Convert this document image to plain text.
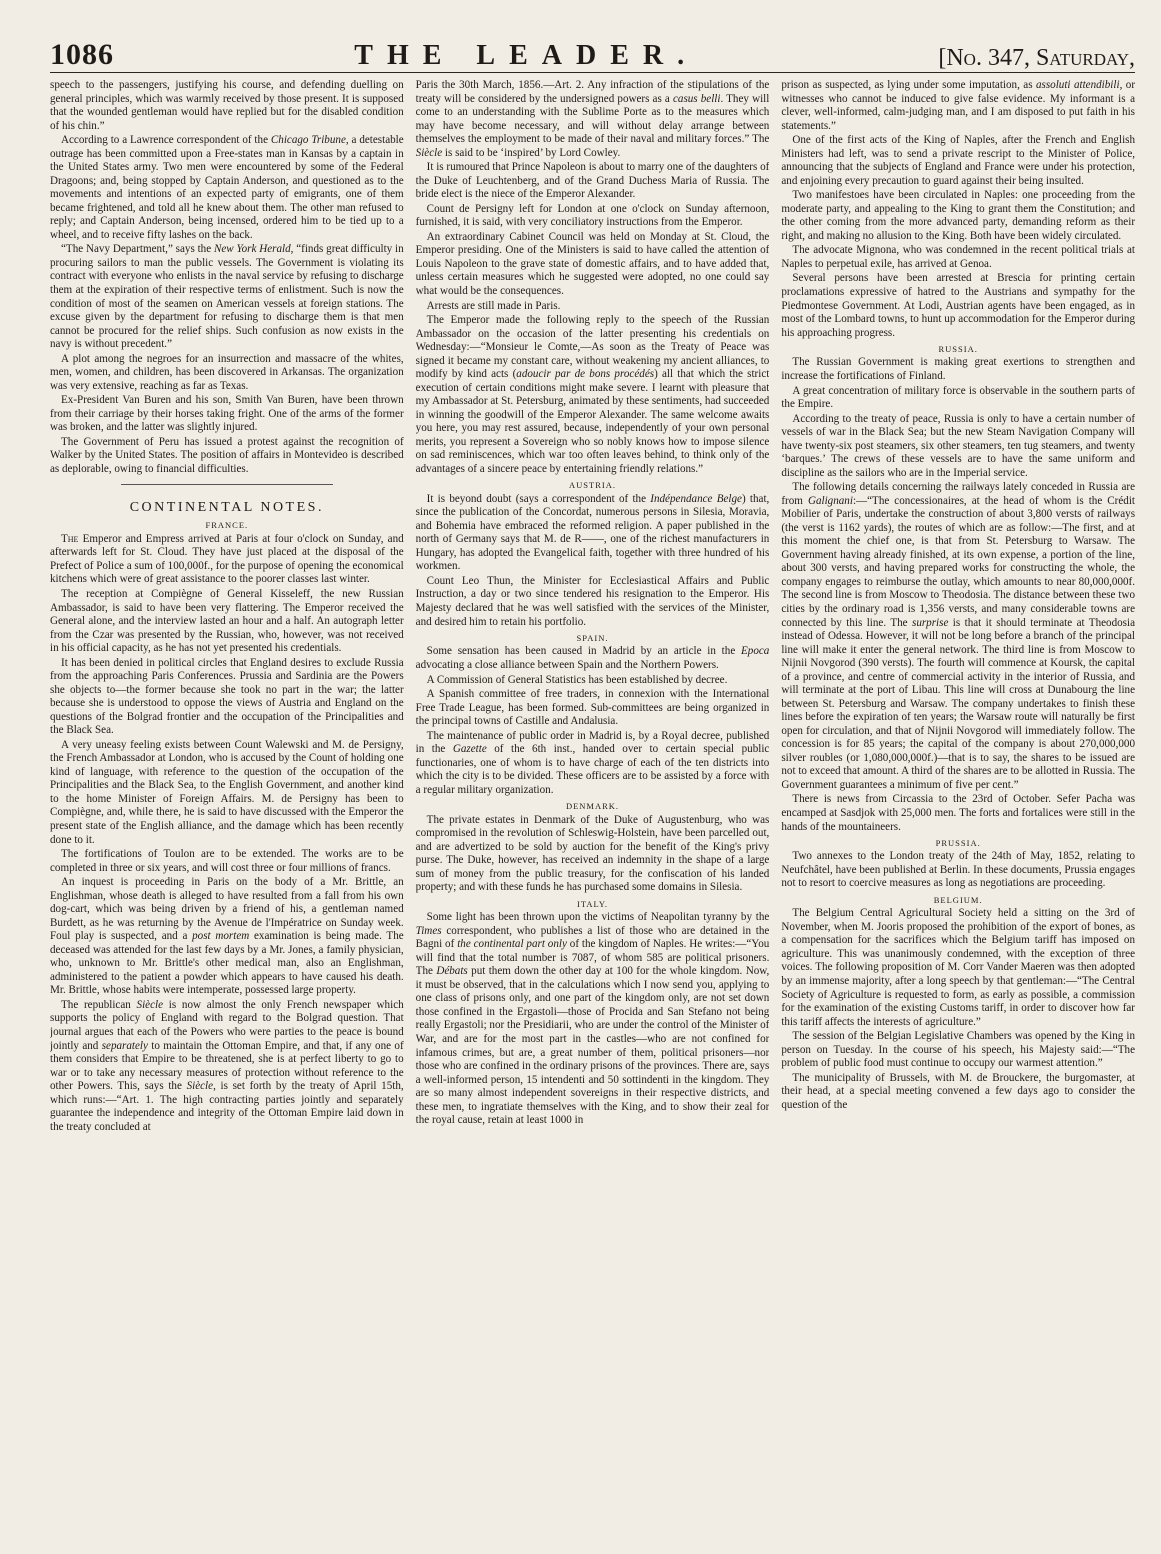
1086	THE LEADER.	[No. 347, Saturday,

speech to the passengers, justifying his course, and defending duelling on general principles, which was warmly received by those present. It is supposed that the wounded gentleman would have replied but for the disabled condition of his chin.”

According to a Lawrence correspondent of the Chicago Tribune, a detestable outrage has been committed upon a Free-states man in Kansas by a captain in the United States army. Two men were encountered by some of the Federal Dragoons; and, being stopped by Captain Anderson, and questioned as to the movements and intentions of an expected party of emigrants, one of them became frightened, and told all he knew about them. The other man refused to reply; and Captain Anderson, being incensed, ordered him to be tied up to a wheel, and to receive fifty lashes on the back.

“The Navy Department,” says the New York Herald, “finds great difficulty in procuring sailors to man the public vessels. The Government is violating its contract with everyone who enlists in the naval service by refusing to discharge them at the expiration of their respective terms of enlistment. Such is now the condition of most of the seamen on American vessels at foreign stations. The excuse given by the department for refusing to discharge them is that men cannot be procured for the relief ships. Such confusion as now exists in the navy is without precedent.”

A plot among the negroes for an insurrection and massacre of the whites, men, women, and children, has been discovered in Arkansas. The organization was very extensive, reaching as far as Texas.

Ex-President Van Buren and his son, Smith Van Buren, have been thrown from their carriage by their horses taking fright. One of the arms of the former was broken, and the latter was slightly injured.

The Government of Peru has issued a protest against the recognition of Walker by the United States. The position of affairs in Montevideo is described as deplorable, owing to financial difficulties.

CONTINENTAL NOTES.
FRANCE.

The Emperor and Empress arrived at Paris at four o'clock on Sunday, and afterwards left for St. Cloud. They have just placed at the disposal of the Prefect of Police a sum of 100,000f., for the purpose of opening the economical kitchens which were of great assistance to the poorer classes last winter.

The reception at Compiègne of General Kisseleff, the new Russian Ambassador, is said to have been very flattering. The Emperor received the General alone, and the interview lasted an hour and a half. An autograph letter from the Czar was presented by the Russian, who, however, was not received in his official capacity, as he has not yet presented his credentials.

It has been denied in political circles that England desires to exclude Russia from the approaching Paris Conferences. Prussia and Sardinia are the Powers she objects to—the former because she took no part in the war; the latter because she is understood to oppose the views of Austria and England on the questions of the Bolgrad frontier and the occupation of the Principalities and the Black Sea.

A very uneasy feeling exists between Count Walewski and M. de Persigny, the French Ambassador at London, who is accused by the Count of holding one kind of language, with reference to the question of the occupation of the Principalities and the Black Sea, to the English Government, and another kind to the home Minister of Foreign Affairs. M. de Persigny has been to Compiègne, and, while there, he is said to have discussed with the Emperor the present state of the English alliance, and the damage which has been recently done to it.

The fortifications of Toulon are to be extended. The works are to be completed in three or six years, and will cost three or four millions of francs.

An inquest is proceeding in Paris on the body of a Mr. Brittle, an Englishman, whose death is alleged to have resulted from a fall from his own dog-cart, which was being driven by a friend of his, a gentleman named Burdett, as he was returning by the Avenue de l'Impératrice on Sunday week. Foul play is suspected, and a post mortem examination is being made. The deceased was attended for the last few days by a Mr. Jones, a family physician, who, unknown to Mr. Brittle's other medical man, also an Englishman, administered to the patient a powder which appears to have caused his death. Mr. Brittle, whose habits were intemperate, possessed large property.

The republican Siècle is now almost the only French newspaper which supports the policy of England with regard to the Bolgrad question. That journal argues that each of the Powers who were parties to the peace is bound jointly and separately to maintain the Ottoman Empire, and that, if any one of them considers that Empire to be threatened, she is at perfect liberty to go to war or to take any necessary measures of protection without reference to the other Powers. This, says the Siècle, is set forth by the treaty of April 15th, which runs:—“Art. 1. The high contracting parties jointly and separately guarantee the independence and integrity of the Ottoman Empire laid down in the treaty concluded at

Paris the 30th March, 1856.—Art. 2. Any infraction of the stipulations of the treaty will be considered by the undersigned powers as a casus belli. They will come to an understanding with the Sublime Porte as to the measures which may have become necessary, and will without delay arrange between themselves the employment to be made of their naval and military forces.” The Siècle is said to be ‘inspired’ by Lord Cowley.

It is rumoured that Prince Napoleon is about to marry one of the daughters of the Duke of Leuchtenberg, and of the Grand Duchess Maria of Russia. The bride elect is the niece of the Emperor Alexander.

Count de Persigny left for London at one o'clock on Sunday afternoon, furnished, it is said, with very conciliatory instructions from the Emperor.

An extraordinary Cabinet Council was held on Monday at St. Cloud, the Emperor presiding. One of the Ministers is said to have called the attention of Louis Napoleon to the grave state of domestic affairs, and to have added that, unless certain measures which he suggested were adopted, no one could say what would be the consequences.

Arrests are still made in Paris.

The Emperor made the following reply to the speech of the Russian Ambassador on the occasion of the latter presenting his credentials on Wednesday:—“Monsieur le Comte,—As soon as the Treaty of Peace was signed it became my constant care, without weakening my ancient alliances, to modify by kind acts (adoucir par de bons procédés) all that which the strict execution of certain conditions might make severe. I learnt with pleasure that my Ambassador at St. Petersburg, animated by these sentiments, had succeeded in winning the goodwill of the Emperor Alexander. The same welcome awaits you here, you may rest assured, because, independently of your own personal merits, you represent a Sovereign who so nobly knows how to impose silence on sad reminiscences, which war too often leaves behind, to think only of the advantages of a sincere peace by entertaining friendly relations.”

AUSTRIA.

It is beyond doubt (says a correspondent of the Indépendance Belge) that, since the publication of the Concordat, numerous persons in Silesia, Moravia, and Bohemia have embraced the reformed religion. A paper published in the north of Germany says that M. de R——, one of the richest manufacturers in Hungary, has adopted the Evangelical faith, together with three hundred of his workmen.

Count Leo Thun, the Minister for Ecclesiastical Affairs and Public Instruction, a day or two since tendered his resignation to the Emperor. His Majesty declared that he was well satisfied with the services of the Minister, and desired him to retain his portfolio.

SPAIN.

Some sensation has been caused in Madrid by an article in the Epoca advocating a close alliance between Spain and the Northern Powers.

A Commission of General Statistics has been established by decree.

A Spanish committee of free traders, in connexion with the International Free Trade League, has been formed. Sub-committees are being organized in the principal towns of Castille and Andalusia.

The maintenance of public order in Madrid is, by a Royal decree, published in the Gazette of the 6th inst., handed over to certain special public functionaries, one of whom is to have charge of each of the ten districts into which the city is to be divided. These officers are to be assisted by a force with a regular military organization.

DENMARK.

The private estates in Denmark of the Duke of Augustenburg, who was compromised in the revolution of Schleswig-Holstein, have been parcelled out, and are advertized to be sold by auction for the benefit of the King's privy purse. The Duke, however, has received an indemnity in the shape of a large sum of money from the public treasury, for the confiscation of his landed property; and with these funds he has purchased some domains in Silesia.

ITALY.

Some light has been thrown upon the victims of Neapolitan tyranny by the Times correspondent, who publishes a list of those who are detained in the Bagni of the continental part only of the kingdom of Naples. He writes:—“You will find that the total number is 7087, of whom 585 are political prisoners. The Débats put them down the other day at 100 for the whole kingdom. Now, it must be observed, that in the calculations which I now send you, applying to one class of prisons only, and one part of the kingdom only, are not set down those confined in the Ergastoli—those of Procida and San Stefano not being really Ergastoli; nor the Presidiarii, who are under the control of the Minister of War, and are for the most part in the castles—who are not confined for infamous crimes, but are, a great number of them, political prisoners—nor those who are confined in the ordinary prisons of the provinces. There are, says a well-informed person, 15 intendenti and 50 sottindenti in the kingdom. They are so many almost independent sovereigns in their respective districts, and these men, to ingratiate themselves with the King, and to show their zeal for the royal cause, retain at least 1000 in

prison as suspected, as lying under some imputation, as assoluti attendibili, or witnesses who cannot be induced to give false evidence. My informant is a clever, well-informed, calm-judging man, and I am disposed to put faith in his statements.”

One of the first acts of the King of Naples, after the French and English Ministers had left, was to send a private rescript to the Minister of Police, announcing that the subjects of England and France were under his protection, and enjoining every precaution to guard against their being insulted.

Two manifestoes have been circulated in Naples: one proceeding from the moderate party, and appealing to the King to grant them the Constitution; and the other coming from the more advanced party, demanding reform as their right, and making no allusion to the King. Both have been widely circulated.

The advocate Mignona, who was condemned in the recent political trials at Naples to perpetual exile, has arrived at Genoa.

Several persons have been arrested at Brescia for printing certain proclamations expressive of hatred to the Austrians and sympathy for the Piedmontese Government. At Lodi, Austrian agents have been engaged, as in most of the Lombard towns, to hunt up accommodation for the Emperor during his approaching progress.

RUSSIA.

The Russian Government is making great exertions to strengthen and increase the fortifications of Finland.

A great concentration of military force is observable in the southern parts of the Empire.

According to the treaty of peace, Russia is only to have a certain number of vessels of war in the Black Sea; but the new Steam Navigation Company will have twenty-six post steamers, six other steamers, ten tug steamers, and twenty ‘barques.’ The crews of these vessels are to have the same uniform and discipline as the sailors who are in the Imperial service.

The following details concerning the railways lately conceded in Russia are from Galignani:—“The concessionaires, at the head of whom is the Crédit Mobilier of Paris, undertake the construction of about 3,800 versts of railways (the verst is 1162 yards), the routes of which are as follow:—The first, and at this moment the chief one, is that from St. Petersburg to Warsaw. The Government having already finished, at its own expense, a portion of the line, about 300 versts, and having prepared works for constructing the whole, the company engages to reimburse the outlay, which amounts to near 80,000,000f. The second line is from Moscow to Theodosia. The distance between these two cities by the ordinary road is 1,356 versts, and many considerable towns are connected by this line. The surprise is that it should terminate at Theodosia instead of Odessa. However, it will not be long before a branch of the principal line will make it enter the general network. The third line is from Moscow to Nijnii Novgorod (390 versts). The fourth will commence at Koursk, the capital of a province, and centre of commercial activity in the interior of Russia, and will terminate at the port of Libau. This line will cross at Dunabourg the line between St. Petersburg and Warsaw. The company undertakes to finish these lines before the expiration of ten years; the Warsaw route will naturally be first open for circulation, and that of Nijnii Novgorod will immediately follow. The concession is for 85 years; the capital of the company is about 270,000,000 silver roubles (or 1,080,000,000f.)—that is to say, the shares to be issued are not to exceed that amount. A third of the shares are to be allotted in Russia. The Government guarantees a minimum of five per cent.”

There is news from Circassia to the 23rd of October. Sefer Pacha was encamped at Sasdjok with 25,000 men. The forts and fortalices were still in the hands of the mountaineers.

PRUSSIA.

Two annexes to the London treaty of the 24th of May, 1852, relating to Neufchâtel, have been published at Berlin. In these documents, Prussia engages not to resort to coercive measures as long as negotiations are proceeding.

BELGIUM.

The Belgium Central Agricultural Society held a sitting on the 3rd of November, when M. Jooris proposed the prohibition of the export of bones, as a compensation for the sacrifices which the Belgium tariff has imposed on agriculture. This was unanimously condemned, with the exception of three voices. The following proposition of M. Corr Vander Maeren was then adopted by an immense majority, after a long speech by that gentleman:—“The Central Society of Agriculture is requested to form, as early as possible, a commission for the examination of the existing Customs tariff, in order to discover how far this tariff affects the interests of agriculture.”

The session of the Belgian Legislative Chambers was opened by the King in person on Tuesday. In the course of his speech, his Majesty said:—“The problem of public food must continue to occupy our warmest attention.”

The municipality of Brussels, with M. de Brouckere, the burgomaster, at their head, at a special meeting convened a few days ago to consider the question of the
